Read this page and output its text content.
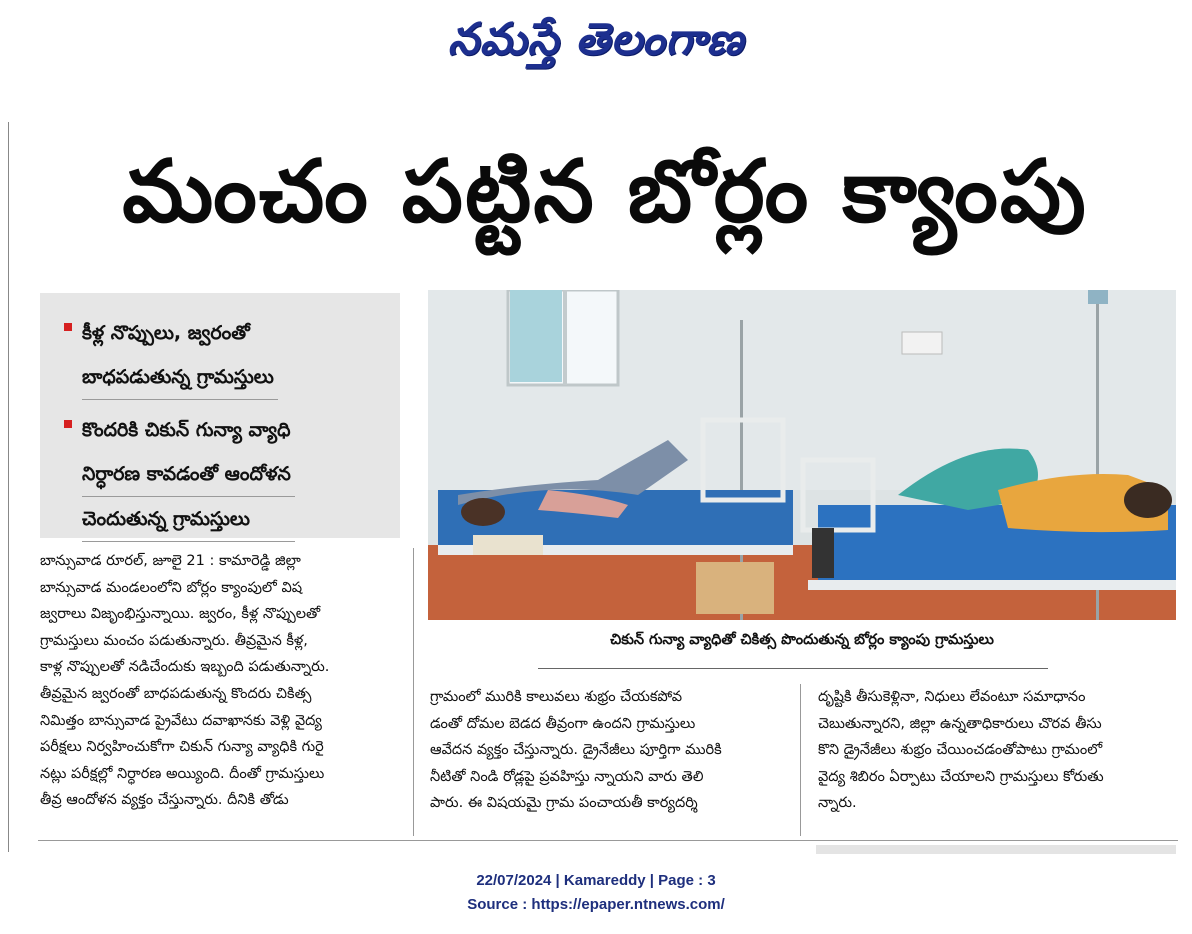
నమస్తే తెలంగాణ
మంచం పట్టిన బోర్లం క్యాంపు
కీళ్ల నొప్పులు, జ్వరంతో
బాధపడుతున్న గ్రామస్తులు
కొందరికి చికున్ గున్యా వ్యాధి
నిర్ధారణ కావడంతో ఆందోళన
చెందుతున్న గ్రామస్తులు
చికున్ గున్యా వ్యాధితో చికిత్స పొందుతున్న బోర్లం క్యాంపు గ్రామస్తులు
బాన్సువాడ రూరల్, జూలై 21 : కామారెడ్డి జిల్లా
బాన్సువాడ మండలంలోని బోర్లం క్యాంపులో విష
జ్వరాలు విజృంభిస్తున్నాయి. జ్వరం, కీళ్ల నొప్పులతో
గ్రామస్తులు మంచం పడుతున్నారు. తీవ్రమైన కీళ్ల,
కాళ్ల నొప్పులతో నడిచేందుకు ఇబ్బంది పడుతున్నారు.
తీవ్రమైన జ్వరంతో బాధపడుతున్న కొందరు చికిత్స
నిమిత్తం బాన్సువాడ ప్రైవేటు దవాఖానకు వెళ్లి వైద్య
పరీక్షలు నిర్వహించుకోగా చికున్ గున్యా వ్యాధికి గురై
నట్లు పరీక్షల్లో నిర్ధారణ అయ్యింది. దీంతో గ్రామస్తులు
తీవ్ర ఆందోళన వ్యక్తం చేస్తున్నారు. దీనికి తోడు
గ్రామంలో మురికి కాలువలు శుభ్రం చేయకపోవ
డంతో దోమల బెడద తీవ్రంగా ఉందని గ్రామస్తులు
ఆవేదన వ్యక్తం చేస్తున్నారు. డ్రైనేజీలు పూర్తిగా మురికి
నీటితో నిండి రోడ్లపై ప్రవహిస్తు న్నాయని వారు తెలి
పారు. ఈ విషయమై గ్రామ పంచాయతీ కార్యదర్శి
దృష్టికి తీసుకెళ్లినా, నిధులు లేవంటూ సమాధానం
చెబుతున్నారని, జిల్లా ఉన్నతాధికారులు చొరవ తీసు
కొని డ్రైనేజీలు శుభ్రం చేయించడంతోపాటు గ్రామంలో
వైద్య శిబిరం ఏర్పాటు చేయాలని గ్రామస్తులు కోరుతు
న్నారు.
22/07/2024 | Kamareddy | Page : 3
Source : https://epaper.ntnews.com/
